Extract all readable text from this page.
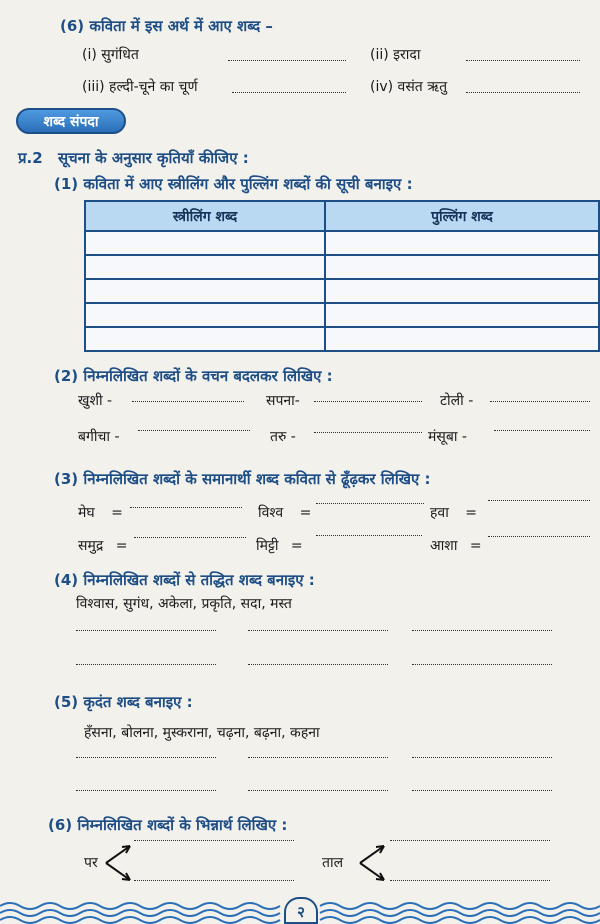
(6) कविता में इस अर्थ में आए शब्द –
(i) सुगंधित	(ii) इरादा
(iii) हल्दी-चूने का चूर्ण	(iv) वसंत ऋतु
शब्द संपदा
प्र.2 सूचना के अनुसार कृतियाँ कीजिए :
(1) कविता में आए स्त्रीलिंग और पुल्लिंग शब्दों की सूची बनाइए :
स्त्रीलिंग शब्द	पुल्लिंग शब्द

(2) निम्नलिखित शब्दों के वचन बदलकर लिखिए :
खुशी -	सपना-	टोली -
बगीचा -	तरु -	मंसूबा -
(3) निम्नलिखित शब्दों के समानार्थी शब्द कविता से ढूँढ़कर लिखिए :
मेघ =	विश्व =	हवा =
समुद्र =	मिट्टी =	आशा =
(4) निम्नलिखित शब्दों से तद्धित शब्द बनाइए :
विश्वास, सुगंध, अकेला, प्रकृति, सदा, मस्त
(5) कृदंत शब्द बनाइए :
हँसना, बोलना, मुस्कराना, चढ़ना, बढ़ना, कहना
(6) निम्नलिखित शब्दों के भिन्नार्थ लिखिए :
पर	ताल
२
